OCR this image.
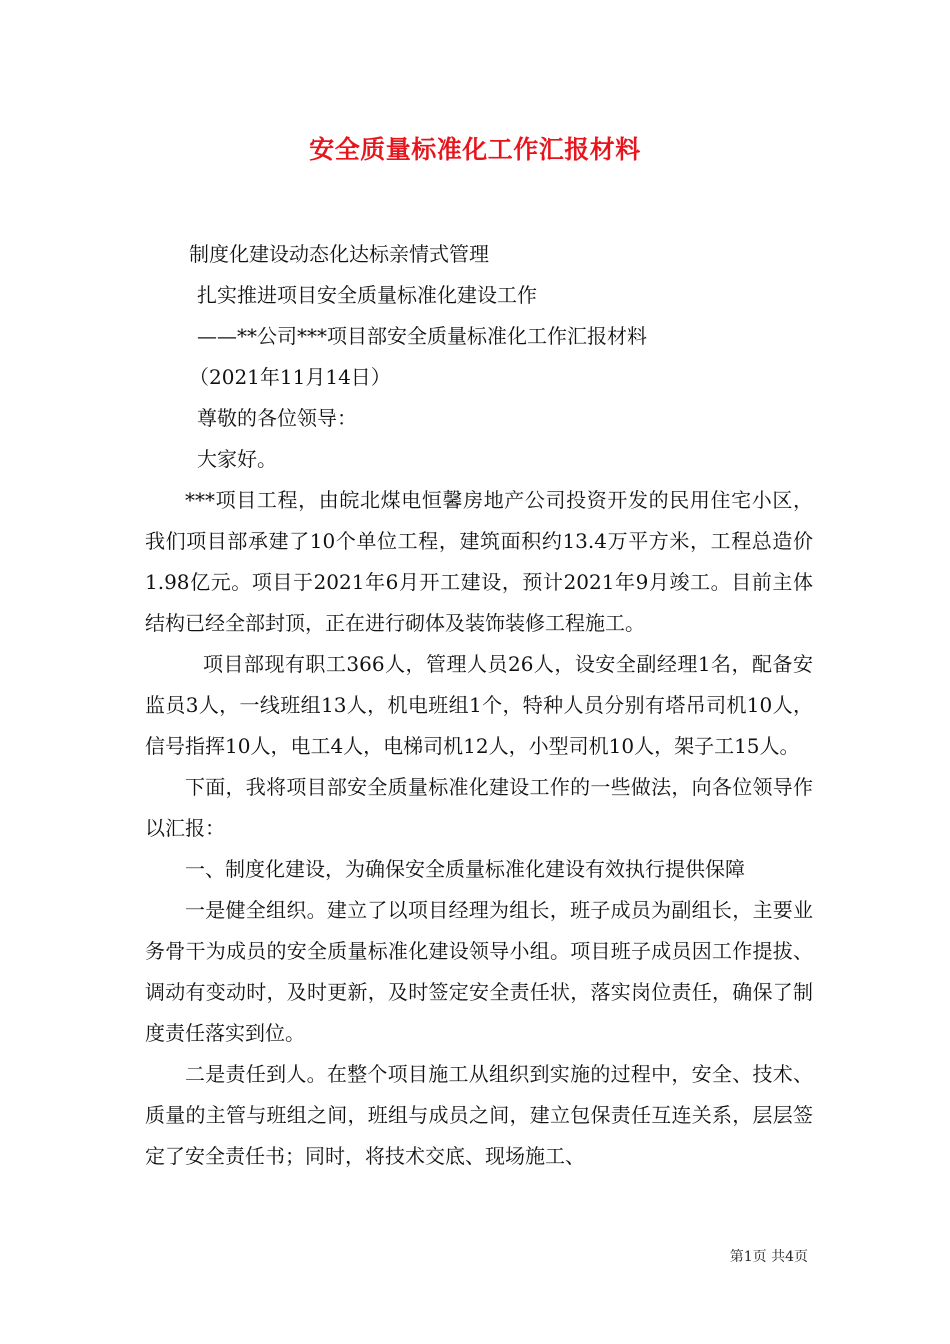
安全质量标准化工作汇报材料

制度化建设动态化达标亲情式管理

扎实推进项目安全质量标准化建设工作

——**公司***项目部安全质量标准化工作汇报材料

（2021年11月14日）

尊敬的各位领导：

大家好。

***项目工程，由皖北煤电恒馨房地产公司投资开发的民用住宅小区，我们项目部承建了10个单位工程，建筑面积约13.4万平方米，工程总造价1.98亿元。项目于2021年6月开工建设，预计2021年9月竣工。目前主体结构已经全部封顶，正在进行砌体及装饰装修工程施工。

项目部现有职工366人，管理人员26人，设安全副经理1名，配备安监员3人，一线班组13人，机电班组1个，特种人员分别有塔吊司机10人，信号指挥10人，电工4人，电梯司机12人，小型司机10人，架子工15人。

下面，我将项目部安全质量标准化建设工作的一些做法，向各位领导作以汇报：

一、制度化建设，为确保安全质量标准化建设有效执行提供保障

一是健全组织。建立了以项目经理为组长，班子成员为副组长，主要业务骨干为成员的安全质量标准化建设领导小组。项目班子成员因工作提拔、调动有变动时，及时更新，及时签定安全责任状，落实岗位责任，确保了制度责任落实到位。

二是责任到人。在整个项目施工从组织到实施的过程中，安全、技术、质量的主管与班组之间，班组与成员之间，建立包保责任互连关系，层层签定了安全责任书；同时，将技术交底、现场施工、

第1页 共4页
